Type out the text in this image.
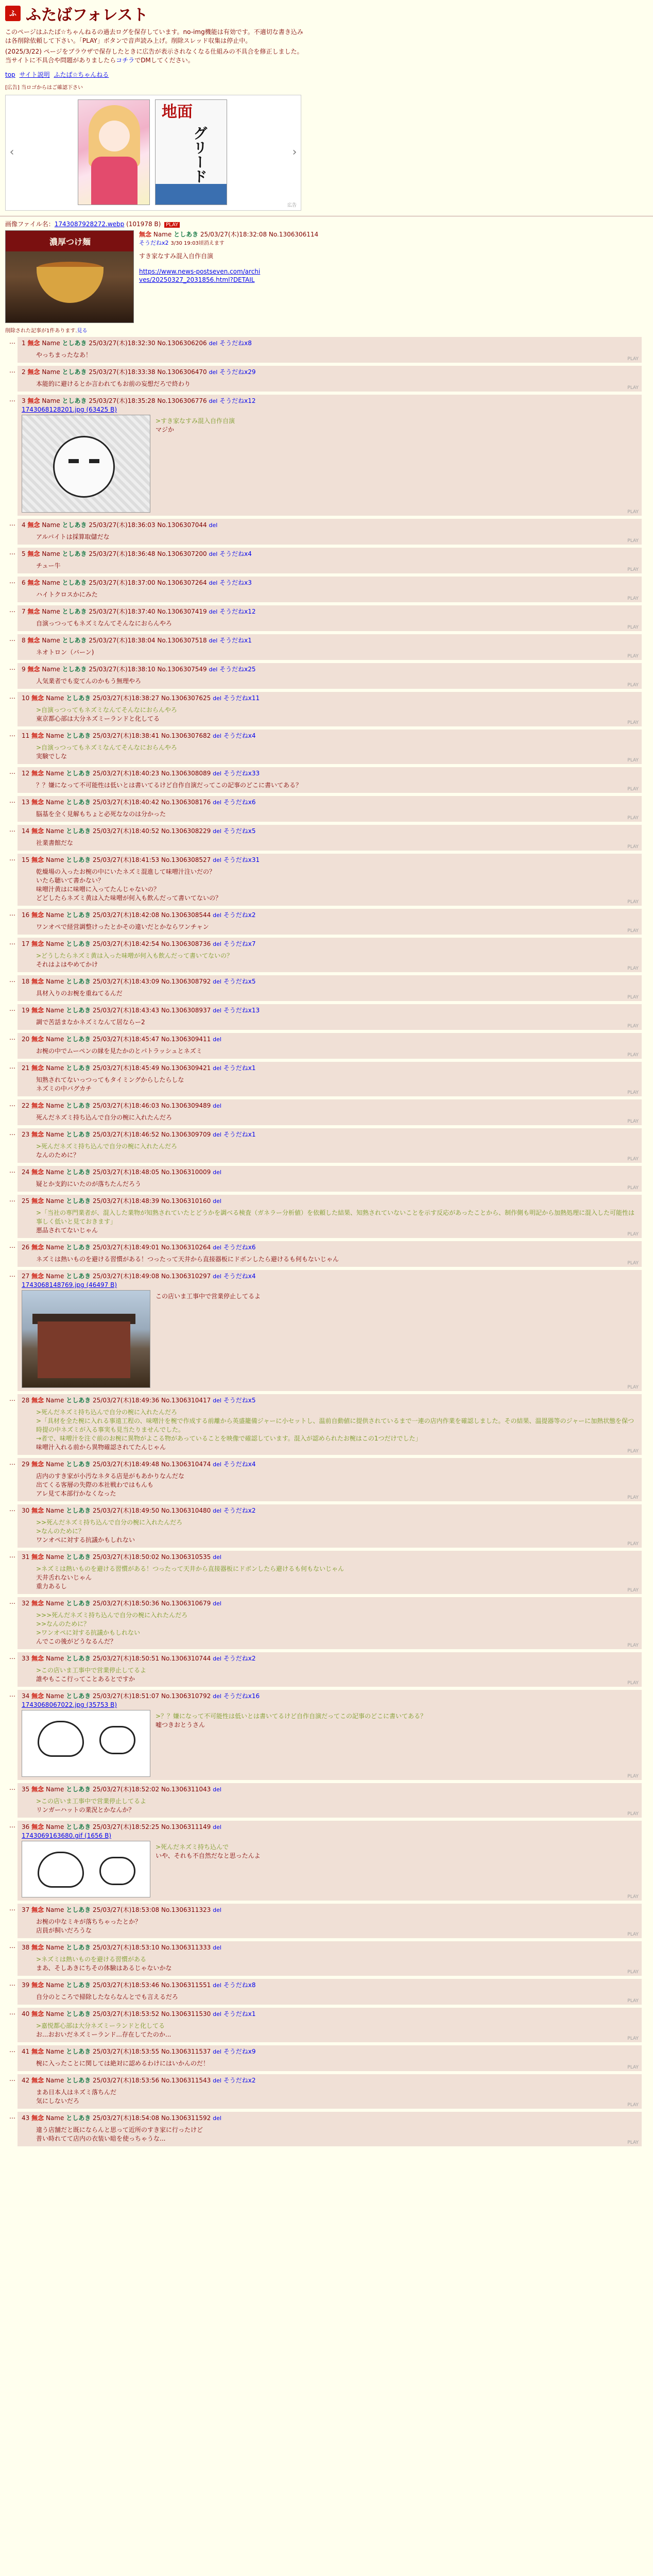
ふ ふたばフォレスト

このページはふたば☆ちゃんねるの過去ログを保存しています。no-img機能は有効です。不適切な書き込みは各削除依頼して下さい。「PLAY」ボタンで音声読み上げ。削除スレッド収集は停止中。

(2025/3/22) ページをブラウザで保存したときに広告が表示されなくなる仕組みの不具合を修正しました。当サイトに不具合や問題がありましたらコチラでDMしてください。

top サイト説明 ふたば☆ちゃんねる
[広告] 当ロゴからはご確認下さい
‹
地面
グリード	›
広告
画像ファイル名：1743087928272.webp (101978 B) PLAY
濃厚つけ麺
無念 Name としあき 25/03/27(木)18:32:08 No.1306306114
そうだねx2 3/30 19:03頃消えます
すき家なすみ混入自作自演
https://www.news-postseven.com/archives/20250327_2031856.html?DETAIL
削除された記事が1件あります.見る
…	1 無念 Name としあき 25/03/27(木)18:32:30 No.1306306206 del そうだねx8
やっちまったなあ！
PLAY
…	2 無念 Name としあき 25/03/27(木)18:33:38 No.1306306470 del そうだねx29
本能的に避けるとか言われてもお前の妄想だろで終わり
PLAY
…	3 無念 Name としあき 25/03/27(木)18:35:28 No.1306306776 del そうだねx12
1743068128201.jpg (63425 B)
>すき家なすみ混入自作自演
マジか
PLAY
…	4 無念 Name としあき 25/03/27(木)18:36:03 No.1306307044 del
アルバイトは採算取儲だな
PLAY
…	5 無念 Name としあき 25/03/27(木)18:36:48 No.1306307200 del そうだねx4
チュー牛
PLAY
…	6 無念 Name としあき 25/03/27(木)18:37:00 No.1306307264 del そうだねx3
ハイトクロスかにみた
PLAY
…	7 無念 Name としあき 25/03/27(木)18:37:40 No.1306307419 del そうだねx12
自演っつってもネズミなんてそんなにおらんやろ
PLAY
…	8 無念 Name としあき 25/03/27(木)18:38:04 No.1306307518 del そうだねx1
ネオトロン（バーン)
PLAY
…	9 無念 Name としあき 25/03/27(木)18:38:10 No.1306307549 del そうだねx25
人気業者でも変てんのかもう無理やろ
PLAY
…	10 無念 Name としあき 25/03/27(木)18:38:27 No.1306307625 del そうだねx11
>自演っつってもネズミなんてそんなにおらんやろ
東京都心部は大分ネズミーランドと化してる
PLAY
…	11 無念 Name としあき 25/03/27(木)18:38:41 No.1306307682 del そうだねx4
>自演っつってもネズミなんてそんなにおらんやろ
実験でしな
PLAY
…	12 無念 Name としあき 25/03/27(木)18:40:23 No.1306308089 del そうだねx33
？？嫌になって不可能性は低いとは書いてるけど自作自演だってこの記事のどこに書いてある？
PLAY
…	13 無念 Name としあき 25/03/27(木)18:40:42 No.1306308176 del そうだねx6
脳基を全く見解もちょと必死ななのは分かった
PLAY
…	14 無念 Name としあき 25/03/27(木)18:40:52 No.1306308229 del そうだねx5
社業書館だな
PLAY
…	15 無念 Name としあき 25/03/27(木)18:41:53 No.1306308527 del そうだねx31
乾燥場の入ったお椀の中にいたネズミ混進して味噌汁注いだの？
いたら聴いて書かない？
味噌汁黄はに味噌に入ってたんじゃないの？
どどしたらネズミ黄は入た味噌が何入も飲んだって書いてないの？
PLAY
…	16 無念 Name としあき 25/03/27(木)18:42:08 No.1306308544 del そうだねx2
ワンオペで経営調整けったとかその違いだとかならワンチャン
PLAY
…	17 無念 Name としあき 25/03/27(木)18:42:54 No.1306308736 del そうだねx7
>どうしたらネズミ黄は入った味噌が何入も飲んだって書いてないの？
それはよはやめてかけ
PLAY
…	18 無念 Name としあき 25/03/27(木)18:43:09 No.1306308792 del そうだねx5
具材入りのお椀を重ねてるんだ
PLAY
…	19 無念 Name としあき 25/03/27(木)18:43:43 No.1306308937 del そうだねx13
調で苦話まなかネズミなんて居ならー2
PLAY
…	20 無念 Name としあき 25/03/27(木)18:45:47 No.1306309411 del
お椀の中でムーペンの縁を見たかのとパトラッシュとネズミ
PLAY
…	21 無念 Name としあき 25/03/27(木)18:45:49 No.1306309421 del そうだねx1
知熟されてないっつってもタイミングからしたらしな
ネズミの中バグカチ
PLAY
…	22 無念 Name としあき 25/03/27(木)18:46:03 No.1306309489 del
死んだネズミ持ち込んで自分の椀に入れたんだろ
PLAY
…	23 無念 Name としあき 25/03/27(木)18:46:52 No.1306309709 del そうだねx1
>死んだネズミ持ち込んで自分の椀に入れたんだろ
なんのために？
PLAY
…	24 無念 Name としあき 25/03/27(木)18:48:05 No.1306310009 del
疑とか支釣にいたのが落ちたんだろう
PLAY
…	25 無念 Name としあき 25/03/27(木)18:48:39 No.1306310160 del
>「当社の専門業者が、混入した業物が知熟されていたとどうかを調べる検査（ガネラー分析値）を依頼した結果、知熟されていないことを示す反応があったことから、制作側も明記から加熱処理に混入した可能性は事しく低いと見ておきます」
悪品されてないじゃん
PLAY
…	26 無念 Name としあき 25/03/27(木)18:49:01 No.1306310264 del そうだねx6
ネズミは熱いものを避ける習慣がある！つったって天井から直接器板にドボンしたら避けるも何もないじゃん
PLAY
…	27 無念 Name としあき 25/03/27(木)18:49:08 No.1306310297 del そうだねx4
1743068148769.jpg (46497 B)
この店いま工事中で営業停止してるよ
PLAY
…	28 無念 Name としあき 25/03/27(木)18:49:36 No.1306310417 del そうだねx5
>死んだネズミ持ち込んで自分の椀に入れたんだろ
>「具材を全た椀に入れる事遠工程の、味噌汁を椀で作成する前離から英盛籠備ジャーに小セットし、温前自動値に提供されているまで一連の店内作業を確認しました。その結果、温提器等のジャーに加熱状態を保つ時提の中ネズミが入る事実も見当たりませんでした。
→者で、味噌汁を注ぐ前のお椀に異物がよこる物があっていることを映像で確認しています。混入が認められたお椀はこの1つだけでした」
味噌汁入れる前から異物確認されてたんじゃん
PLAY
…	29 無念 Name としあき 25/03/27(木)18:49:48 No.1306310474 del そうだねx4
店内のすき家が小汚なネタる店是がもあかりなんだな
出てくる客層の失際の本社戦わではもんも
アレ見て本部行かなくなった
PLAY
…	30 無念 Name としあき 25/03/27(木)18:49:50 No.1306310480 del そうだねx2
>>死んだネズミ持ち込んで自分の椀に入れたんだろ
>なんのために？
ワンオペに対する抗議かもしれない
PLAY
…	31 無念 Name としあき 25/03/27(木)18:50:02 No.1306310535 del
>ネズミは熱いものを避ける習慣がある！つったって天井から直接器板にドボンしたら避けるも何もないじゃん
天井舌れないじゃん
重力あるし
PLAY
…	32 無念 Name としあき 25/03/27(木)18:50:36 No.1306310679 del
>>>死んだネズミ持ち込んで自分の椀に入れたんだろ
>>なんのために？
>ワンオペに対する抗議かもしれない
んでこの後がどうなるんだ？
PLAY
…	33 無念 Name としあき 25/03/27(木)18:50:51 No.1306310744 del そうだねx2
>この店いま工事中で営業停止してるよ
誰やもここ行ってことあるとですか
PLAY
…	34 無念 Name としあき 25/03/27(木)18:51:07 No.1306310792 del そうだねx16
1743068067022.jpg (35753 B)
>？？嫌になって不可能性は低いとは書いてるけど自作自演だってこの記事のどこに書いてある？
嘘つきおとうさん
PLAY
…	35 無念 Name としあき 25/03/27(木)18:52:02 No.1306311043 del
>この店いま工事中で営業停止してるよ
リンガーハットの業況とかなんか？
PLAY
…	36 無念 Name としあき 25/03/27(木)18:52:25 No.1306311149 del
1743069163680.gif (1656 B)
>死んだネズミ持ち込んで
いや、それも不自然だなと思ったんよ
PLAY
…	37 無念 Name としあき 25/03/27(木)18:53:08 No.1306311323 del
お椀の中なミキが落ちちゃったとか？
店員が飼いだろうな
PLAY
…	38 無念 Name としあき 25/03/27(木)18:53:10 No.1306311333 del
>ネズミは熱いものを避ける習慣がある
まあ、そしあきにちその体験はあるじゃないかな
PLAY
…	39 無念 Name としあき 25/03/27(木)18:53:46 No.1306311551 del そうだねx8
自分のところで掃除したならなんとでも言えるだろ
PLAY
…	40 無念 Name としあき 25/03/27(木)18:53:52 No.1306311530 del そうだねx1
>嘉悦都心部は大分ネズミーランドと化してる
お...おおいだネズミーランド...存在してたのか...
PLAY
…	41 無念 Name としあき 25/03/27(木)18:53:55 No.1306311537 del そうだねx9
椀に入ったことに関しては絶対に認めるわけにはいかんのだ！
PLAY
…	42 無念 Name としあき 25/03/27(木)18:53:56 No.1306311543 del そうだねx2
まあ日本人はネズミ落ちんだ
気にしないだろ
PLAY
…	43 無念 Name としあき 25/03/27(木)18:54:08 No.1306311592 del
違う店舗だと既にならんと思って近所のすき家に行ったけど
普い時れてて店内の衣装い暗を使っちゃうな...
PLAY
